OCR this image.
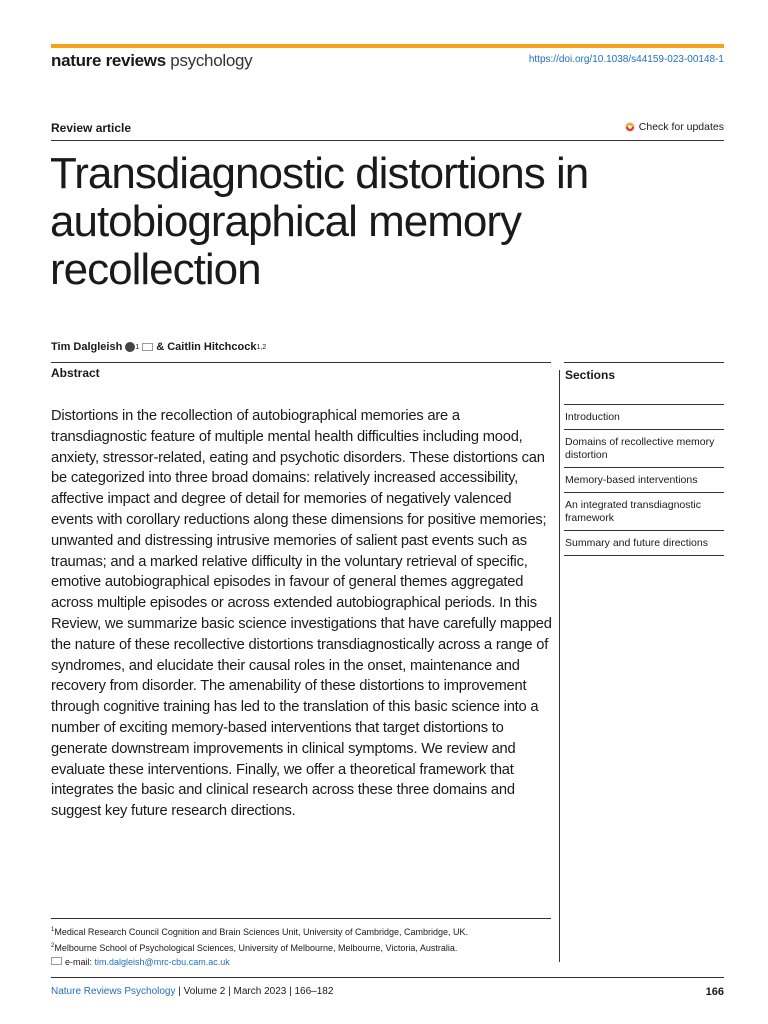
nature reviews psychology	https://doi.org/10.1038/s44159-023-00148-1
Review article	Check for updates
Transdiagnostic distortions in autobiographical memory recollection
Tim Dalgleish 1 & Caitlin Hitchcock 1,2
Abstract

Distortions in the recollection of autobiographical memories are a transdiagnostic feature of multiple mental health difficulties including mood, anxiety, stressor-related, eating and psychotic disorders. These distortions can be categorized into three broad domains: relatively increased accessibility, affective impact and degree of detail for memories of negatively valenced events with corollary reductions along these dimensions for positive memories; unwanted and distressing intrusive memories of salient past events such as traumas; and a marked relative difficulty in the voluntary retrieval of specific, emotive autobiographical episodes in favour of general themes aggregated across multiple episodes or across extended autobiographical periods. In this Review, we summarize basic science investigations that have carefully mapped the nature of these recollective distortions transdiagnostically across a range of syndromes, and elucidate their causal roles in the onset, maintenance and recovery from disorder. The amenability of these distortions to improvement through cognitive training has led to the translation of this basic science into a number of exciting memory-based interventions that target distortions to generate downstream improvements in clinical symptoms. We review and evaluate these interventions. Finally, we offer a theoretical framework that integrates the basic and clinical research across these three domains and suggest key future research directions.

Sections
Introduction
Domains of recollective memory distortion
Memory-based interventions
An integrated transdiagnostic framework
Summary and future directions
$^1$Medical Research Council Cognition and Brain Sciences Unit, University of Cambridge, Cambridge, UK.
$^2$Melbourne School of Psychological Sciences, University of Melbourne, Melbourne, Victoria, Australia.
e-mail: tim.dalgleish@mrc-cbu.cam.ac.uk
Nature Reviews Psychology | Volume 2 | March 2023 | 166–182	166
